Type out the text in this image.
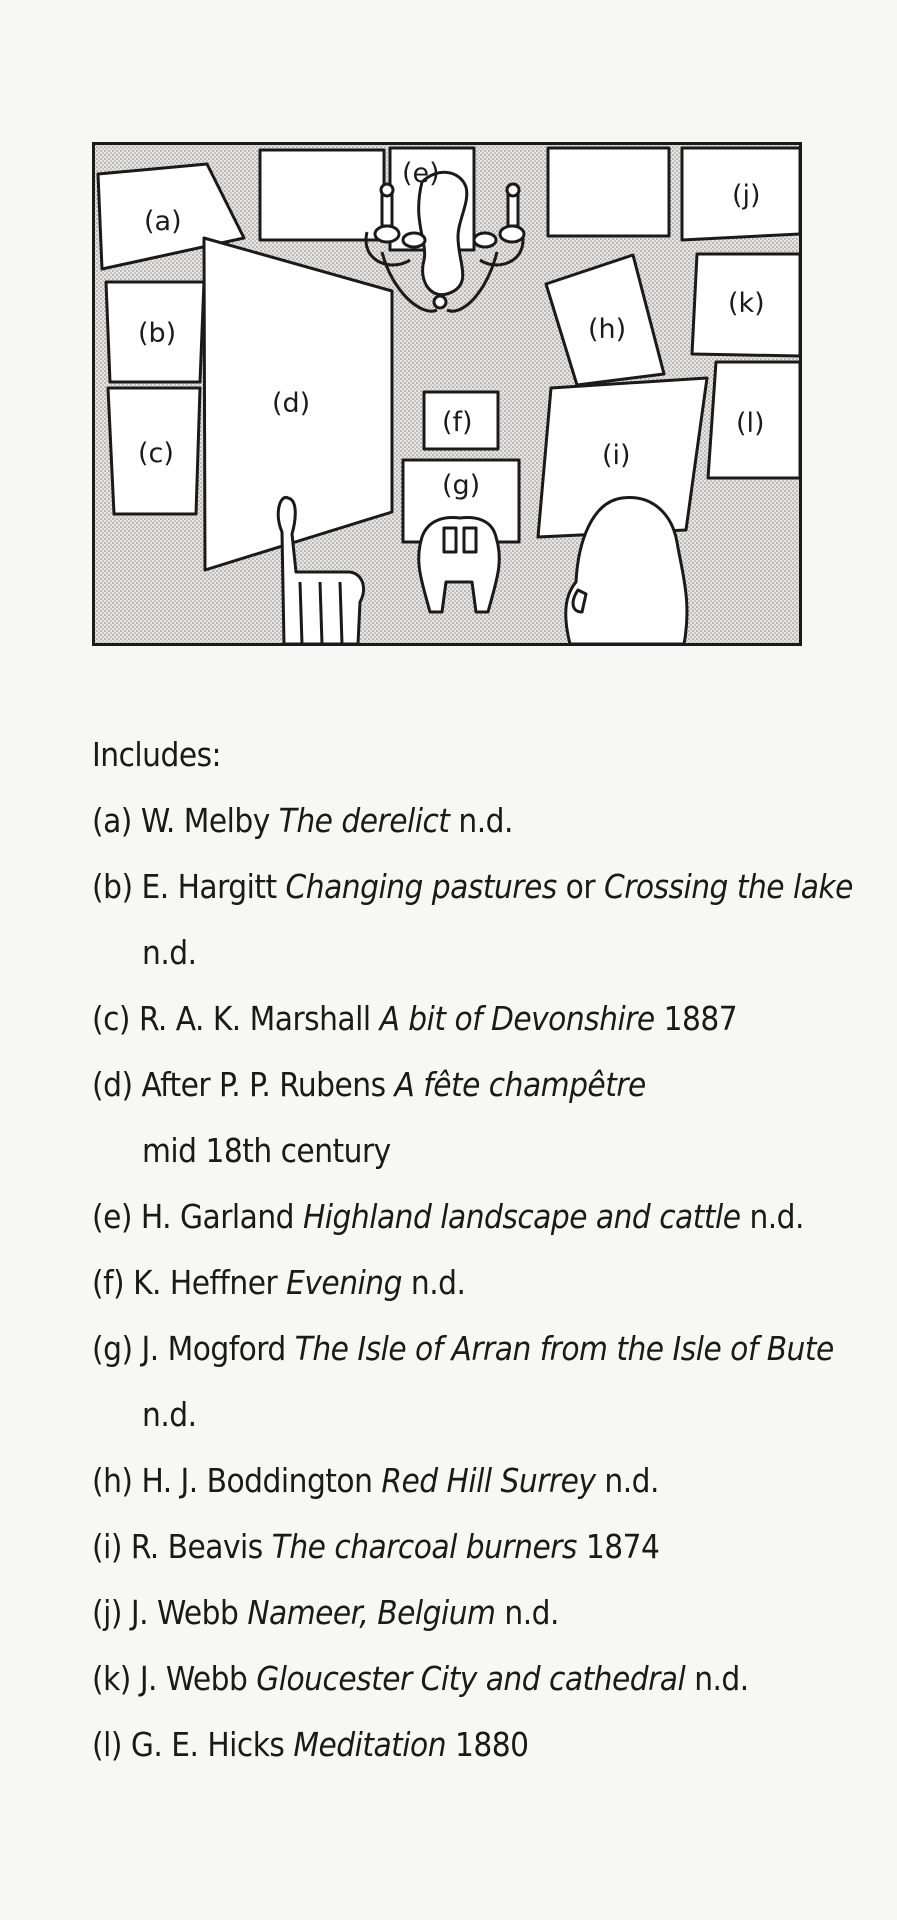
(a)
(b)
(c)
(d)
(e)
(f)
(g)
(h)
(i)
(j)
(k)
(l)
Includes:
(a) W. Melby The derelict n.d.
(b) E. Hargitt Changing pastures or Crossing the lake n.d.
(c) R. A. K. Marshall A bit of Devonshire 1887
(d) After P. P. Rubens A fête champêtre
mid 18th century
(e) H. Garland Highland landscape and cattle n.d.
(f) K. Heffner Evening n.d.
(g) J. Mogford The Isle of Arran from the Isle of Bute n.d.
(h) H. J. Boddington Red Hill Surrey n.d.
(i) R. Beavis The charcoal burners 1874
(j) J. Webb Nameer, Belgium n.d.
(k) J. Webb Gloucester City and cathedral n.d.
(l) G. E. Hicks Meditation 1880
